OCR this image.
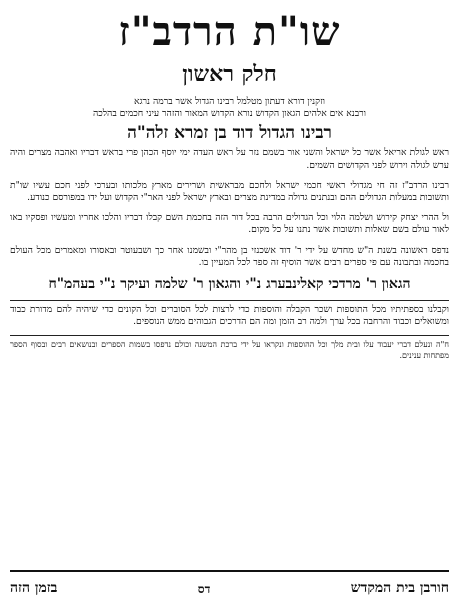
שו"ת הרדב"ז
חלק ראשון

וזקנין דורא דעתון מטלמל רבינו הגדול אשר ברמה נרגא

ורבנא אים אלהים הגאון הקדוש נורא הקדוש המאור והזהר עיני חכמים בהלכה

רבינו הגדול דוד בן זמרא זלה"ה

ראש לגולת אריאל אשר כל ישראל והשני אור בשמם נזר על ראש העדה ימי יוסף הכהן פרי בראש דבריו ואהבה מצרים והיה ערש לגולה וירוש לפני הקדושים השמים.

רבינו הרדב"ז זה חי מגדולי ראשי חכמי ישראל ולחכם מבראשית ושרירים מארץ מלכותו ובערכי לפני חכם עשיו שו"ת ותשובות במעלות הגדולים ההם ובנתנים גדולה במדינת מצרים ובארץ ישראל לפני האר"י הקדוש ועל ידו במפורסם כנודע.

ול ההרי יצחק קירוש ושלמה הלוי וכל הגדולים הרבה בכל דור הזה בחכמת השם קבלו דבריו והלכו אחריו ומעשיו ופסקיו באו לאור עולם בשם שאלות ותשובות אשר נתנו על כל מקום.

נדפס ראשונה בשנת ה"ש מחדש על ידי ר' דוד אשכנזי בן מהר"י ובשמנו אחר כך ושבעוטר ובאסורו ומאמרים מכל העולם בחכמה ובתבונה עם פי ספרים רבים אשר הוסיף זה ספר לכל המעיין בו.

הגאון ר' מרדכי קאלינבערג נ"י והגאון ר' שלמה ועיקר נ"י בעהמ"ח

וקבלנו בספתיתיו מכל התוספות ושכר הקבלה והוספות כדי לרצות לכל הסוברים וכל הקונים כדי שיהיה להם מדורת כבוד ומשואלים וכבוד והרחבה בכל ערך ולמה רב הזמן ומה הם הדרכים הגבוהים ממש הנוספים.

ח"ה ונעלם דברי יעבוד עלו ובית מלך וכל ההוספות ונקראו על ידי ברכת המשנה וכולם נדפסו בשמות הספרים ובנושאים רבים ובסוף הספר מפתחות ענינים.

חורבן בית המקדש
דס
בזמן הזה
